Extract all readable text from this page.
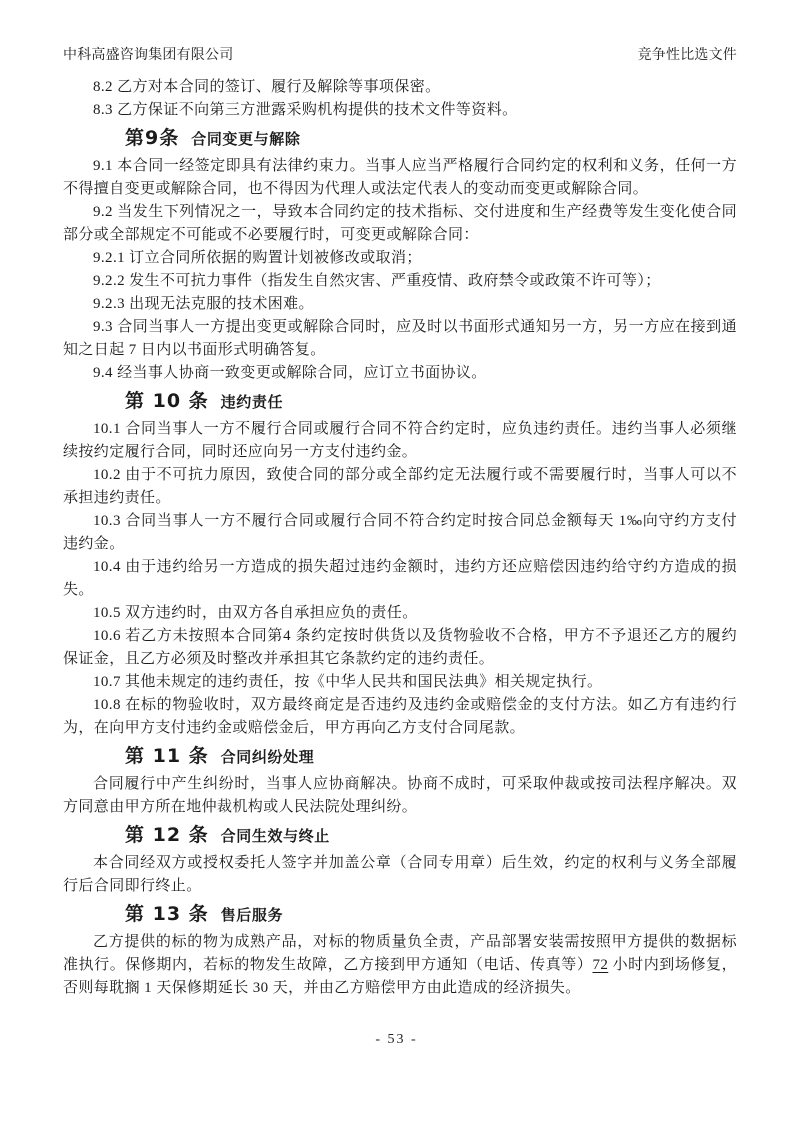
中科高盛咨询集团有限公司	竞争性比选文件

8.2 乙方对本合同的签订、履行及解除等事项保密。

8.3 乙方保证不向第三方泄露采购机构提供的技术文件等资料。

第9条 合同变更与解除

9.1 本合同一经签定即具有法律约束力。当事人应当严格履行合同约定的权利和义务，任何一方不得擅自变更或解除合同，也不得因为代理人或法定代表人的变动而变更或解除合同。

9.2 当发生下列情况之一，导致本合同约定的技术指标、交付进度和生产经费等发生变化使合同部分或全部规定不可能或不必要履行时，可变更或解除合同：

9.2.1 订立合同所依据的购置计划被修改或取消；

9.2.2 发生不可抗力事件（指发生自然灾害、严重疫情、政府禁令或政策不许可等）；

9.2.3 出现无法克服的技术困难。

9.3 合同当事人一方提出变更或解除合同时，应及时以书面形式通知另一方，另一方应在接到通知之日起 7 日内以书面形式明确答复。

9.4 经当事人协商一致变更或解除合同，应订立书面协议。

第 10 条 违约责任

10.1 合同当事人一方不履行合同或履行合同不符合约定时，应负违约责任。违约当事人必须继续按约定履行合同，同时还应向另一方支付违约金。

10.2 由于不可抗力原因，致使合同的部分或全部约定无法履行或不需要履行时，当事人可以不承担违约责任。

10.3 合同当事人一方不履行合同或履行合同不符合约定时按合同总金额每天 1‰向守约方支付违约金。

10.4 由于违约给另一方造成的损失超过违约金额时，违约方还应赔偿因违约给守约方造成的损失。

10.5 双方违约时，由双方各自承担应负的责任。

10.6 若乙方未按照本合同第4 条约定按时供货以及货物验收不合格，甲方不予退还乙方的履约保证金，且乙方必须及时整改并承担其它条款约定的违约责任。

10.7 其他未规定的违约责任，按《中华人民共和国民法典》相关规定执行。

10.8 在标的物验收时，双方最终商定是否违约及违约金或赔偿金的支付方法。如乙方有违约行为，在向甲方支付违约金或赔偿金后，甲方再向乙方支付合同尾款。

第 11 条 合同纠纷处理

合同履行中产生纠纷时，当事人应协商解决。协商不成时，可采取仲裁或按司法程序解决。双方同意由甲方所在地仲裁机构或人民法院处理纠纷。

第 12 条 合同生效与终止

本合同经双方或授权委托人签字并加盖公章（合同专用章）后生效，约定的权利与义务全部履行后合同即行终止。

第 13 条 售后服务

乙方提供的标的物为成熟产品，对标的物质量负全责，产品部署安装需按照甲方提供的数据标准执行。保修期内，若标的物发生故障，乙方接到甲方通知（电话、传真等）72 小时内到场修复，否则每耽搁 1 天保修期延长 30 天，并由乙方赔偿甲方由此造成的经济损失。

- 53 -
